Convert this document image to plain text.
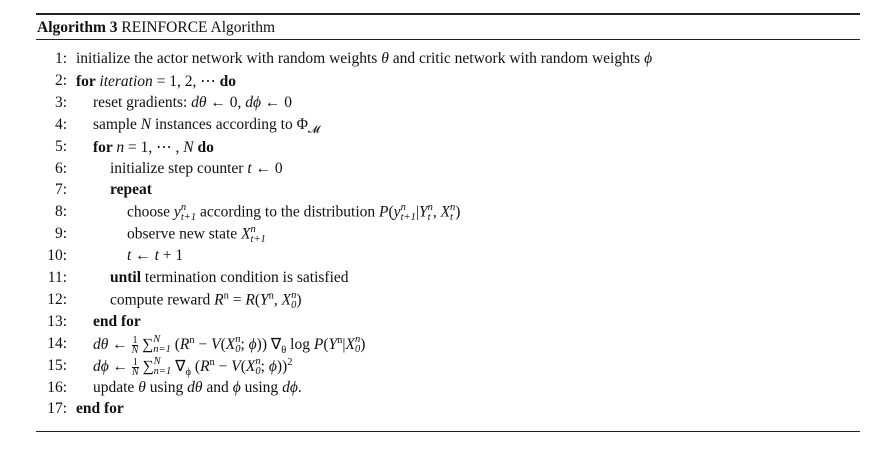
Algorithm 3 REINFORCE Algorithm
1: initialize the actor network with random weights θ and critic network with random weights ϕ
2: for iteration = 1, 2, ⋯ do
3: reset gradients: dθ ← 0, dϕ ← 0
4: sample N instances according to $\Phi_𝓜$
5: for n = 1, ⋯ , N do
6:	initialize step counter t ← 0
7:	repeat
8:	choose y n
t+1 according to the distribution P(y n
t+1 |Y n
t , X n
t )
9:	observe new state X n
t+1
10:	t ← t + 1
11:	until termination condition is satisfied
12:	compute reward $R^n = R(Y^n$, X n
0 )
13: end for
14: dθ ← $\frac{1}{N}$ ∑ N
n=1 ($R^n - V(X$ n
0 ; ϕ)) $\nabla_\theta$ $\log P(Y^n|X$ n
0 )
15: dϕ ← $\frac{1}{N}$ ∑ N
n=1 $\nabla_\phi$ ($R^n - V(X$ n
0 ; ϕ))$^2$
16: update θ using dθ and ϕ using dϕ.
17: end for
